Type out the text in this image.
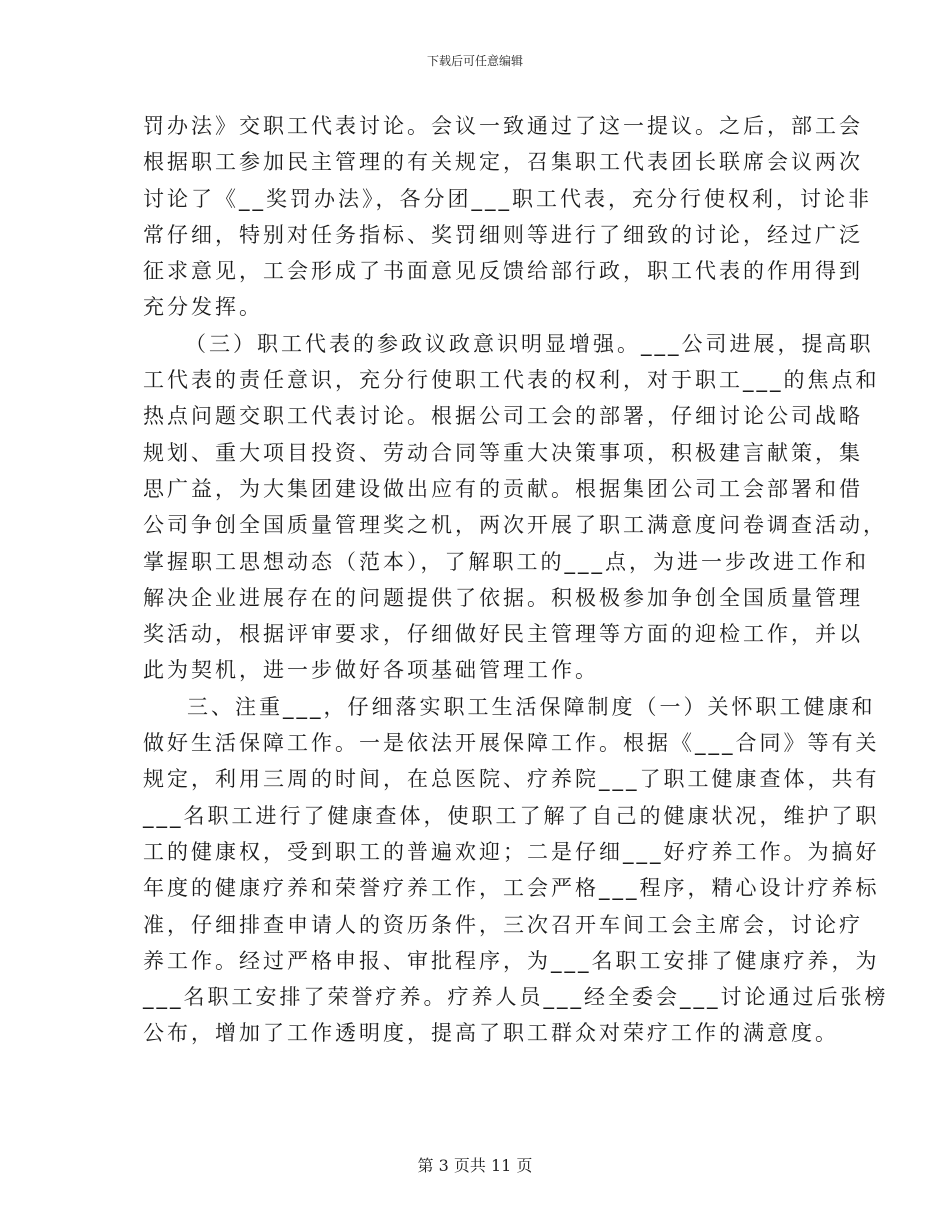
下载后可任意编辑
罚办法》交职工代表讨论。会议一致通过了这一提议。之后，部工会
根据职工参加民主管理的有关规定，召集职工代表团长联席会议两次
讨论了《__奖罚办法》，各分团___职工代表，充分行使权利，讨论非
常仔细，特别对任务指标、奖罚细则等进行了细致的讨论，经过广泛
征求意见，工会形成了书面意见反馈给部行政，职工代表的作用得到
充分发挥。
（三）职工代表的参政议政意识明显增强。___公司进展，提高职
工代表的责任意识，充分行使职工代表的权利，对于职工___的焦点和
热点问题交职工代表讨论。根据公司工会的部署，仔细讨论公司战略
规划、重大项目投资、劳动合同等重大决策事项，积极建言献策，集
思广益，为大集团建设做出应有的贡献。根据集团公司工会部署和借
公司争创全国质量管理奖之机，两次开展了职工满意度问卷调查活动，
掌握职工思想动态（范本），了解职工的___点，为进一步改进工作和
解决企业进展存在的问题提供了依据。积极极参加争创全国质量管理
奖活动，根据评审要求，仔细做好民主管理等方面的迎检工作，并以
此为契机，进一步做好各项基础管理工作。
三、注重___，仔细落实职工生活保障制度（一）关怀职工健康和
做好生活保障工作。一是依法开展保障工作。根据《___合同》等有关
规定，利用三周的时间，在总医院、疗养院___了职工健康查体，共有
___名职工进行了健康查体，使职工了解了自己的健康状况，维护了职
工的健康权，受到职工的普遍欢迎；二是仔细___好疗养工作。为搞好
年度的健康疗养和荣誉疗养工作，工会严格___程序，精心设计疗养标
准，仔细排查申请人的资历条件，三次召开车间工会主席会，讨论疗
养工作。经过严格申报、审批程序，为___名职工安排了健康疗养，为
___名职工安排了荣誉疗养。疗养人员___经全委会___讨论通过后张榜
公布，增加了工作透明度，提高了职工群众对荣疗工作的满意度。
第 3 页共 11 页
